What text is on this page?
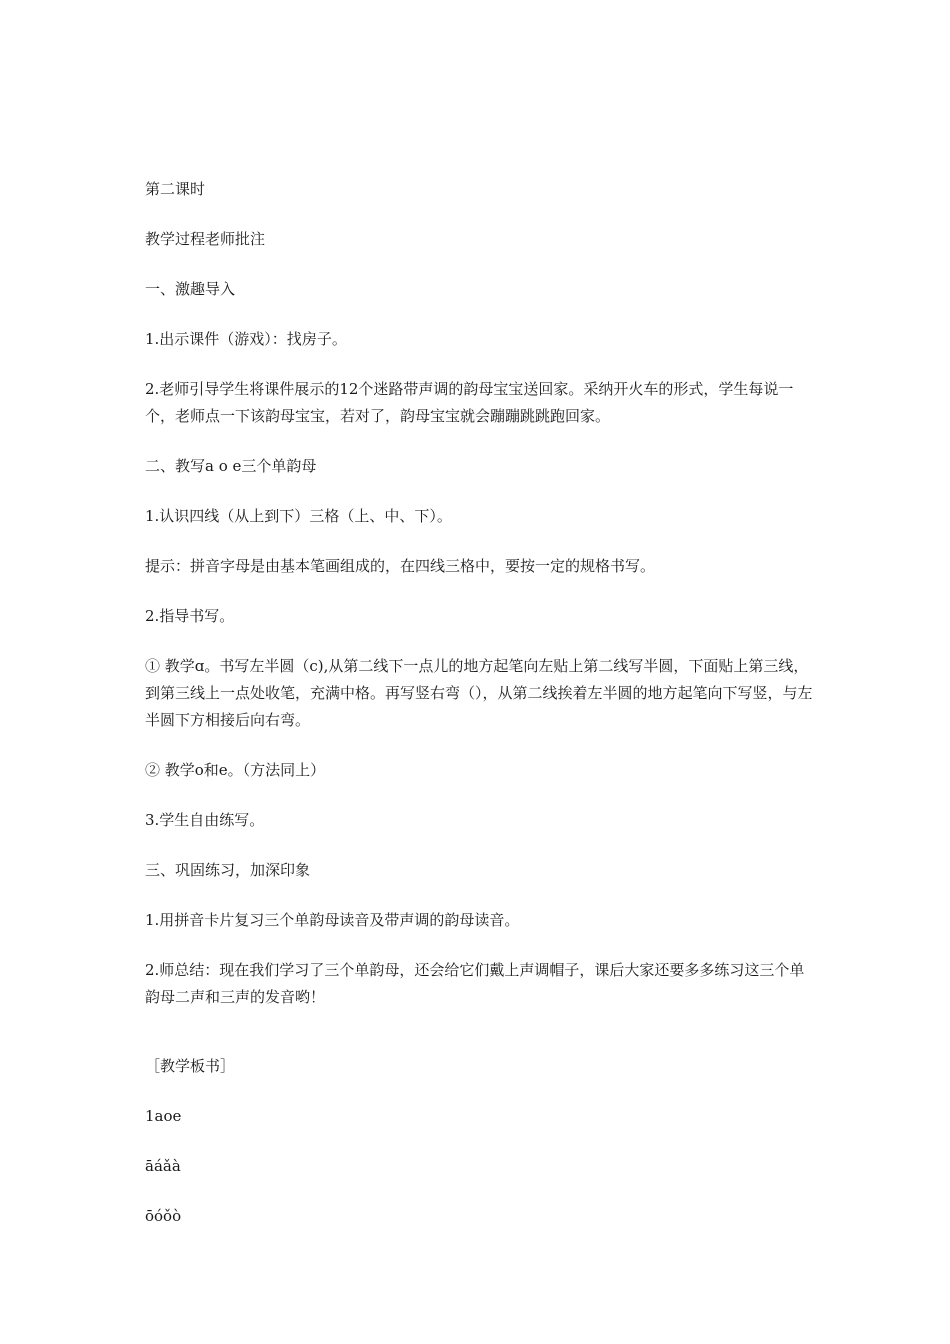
第二课时

教学过程老师批注

一、激趣导入

1.出示课件（游戏）：找房子。

2.老师引导学生将课件展示的12个迷路带声调的韵母宝宝送回家。采纳开火车的形式，学生每说一个，老师点一下该韵母宝宝，若对了，韵母宝宝就会蹦蹦跳跳跑回家。

二、教写a o e三个单韵母

1.认识四线（从上到下）三格（上、中、下）。

提示：拼音字母是由基本笔画组成的，在四线三格中，要按一定的规格书写。

2.指导书写。

① 教学ɑ。书写左半圆（c),从第二线下一点儿的地方起笔向左贴上第二线写半圆，下面贴上第三线，到第三线上一点处收笔，充满中格。再写竖右弯（），从第二线挨着左半圆的地方起笔向下写竖，与左半圆下方相接后向右弯。

② 教学o和e。（方法同上）

3.学生自由练写。

三、巩固练习，加深印象

1.用拼音卡片复习三个单韵母读音及带声调的韵母读音。

2.师总结：现在我们学习了三个单韵母，还会给它们戴上声调帽子，课后大家还要多多练习这三个单韵母二声和三声的发音哟！

［教学板书］

1aoe

āáǎà

ōóǒò
